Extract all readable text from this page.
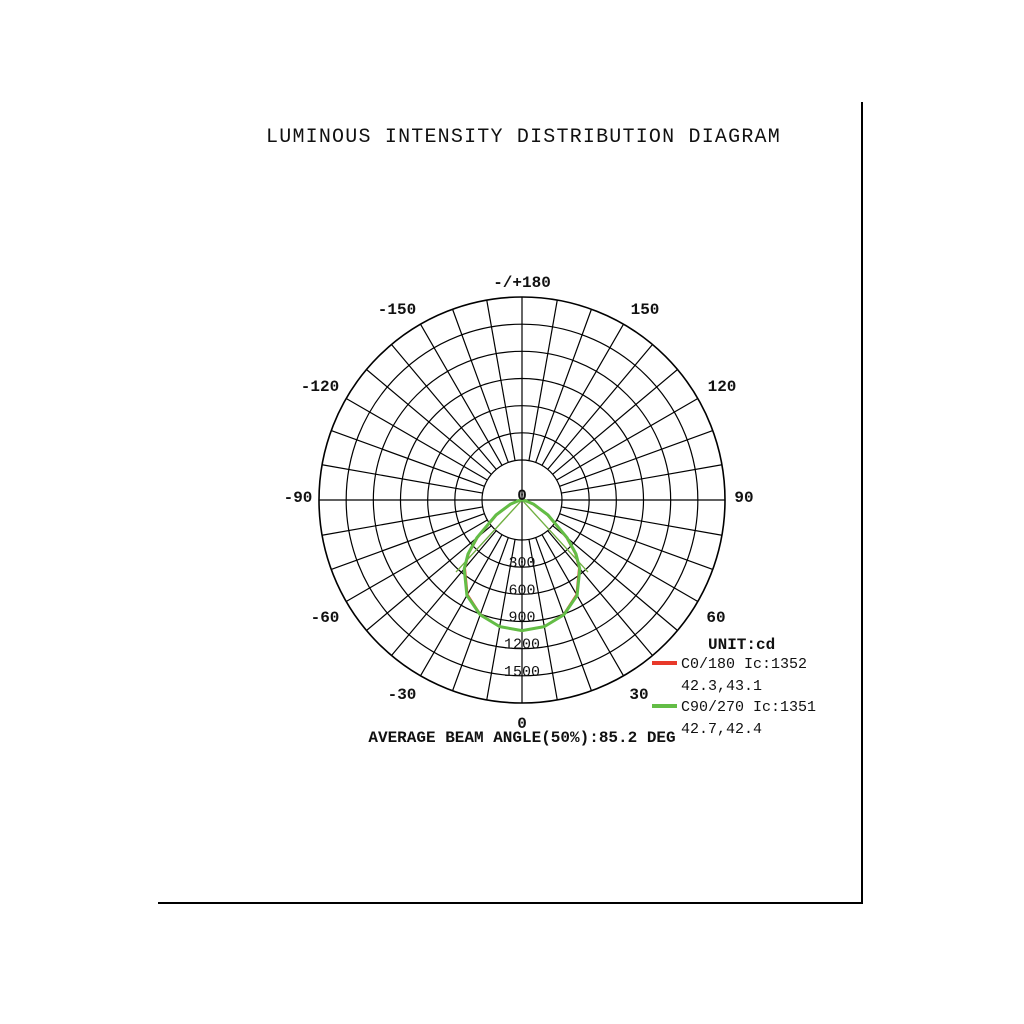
LUMINOUS INTENSITY DISTRIBUTION DIAGRAM
-/+180
-150	150
-120	120
-90	90
-60	60
-30	30
0
0
300
600
900
1200
1500
AVERAGE BEAM ANGLE(50%):85.2 DEG
UNIT:cd
C0/180 Ic:1352
42.3,43.1
C90/270 Ic:1351
42.7,42.4
